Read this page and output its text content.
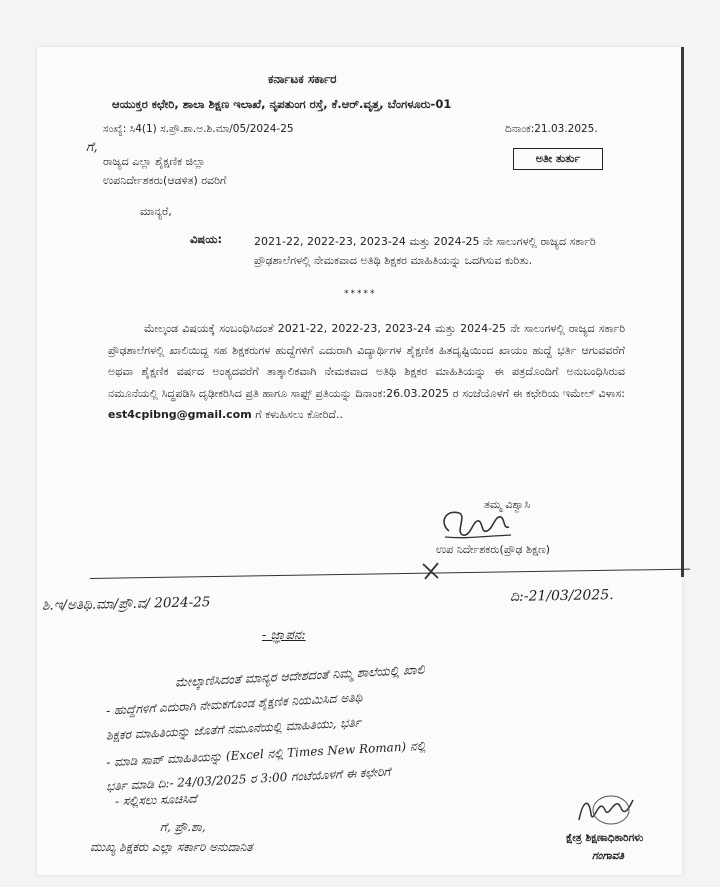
ಕರ್ನಾಟಕ ಸರ್ಕಾರ
ಆಯುಕ್ತರ ಕಛೇರಿ, ಶಾಲಾ ಶಿಕ್ಷಣ ಇಲಾಖೆ, ನೃಪತುಂಗ ರಸ್ತೆ, ಕೆ.ಆರ್.ವೃತ್ತ, ಬೆಂಗಳೂರು-01
ಸಂಖ್ಯೆ: ಸಿ4(1) ಸ.ಪ್ರೌ.ಶಾ.ಅ.ಶಿ.ಮಾ/05/2024-25	ದಿನಾಂಕ:21.03.2025.
ಅತೀ ತುರ್ತು
ಗೆ,
ರಾಜ್ಯದ ಎಲ್ಲಾ ಶೈಕ್ಷಣಿಕ ಜಿಲ್ಲಾ
ಉಪನಿರ್ದೇಶಕರು(ಆಡಳಿತ) ರವರಿಗೆ
ಮಾನ್ಯರೆ,
ವಿಷಯ:	2021-22, 2022-23, 2023-24 ಮತ್ತು 2024-25 ನೇ ಸಾಲುಗಳಲ್ಲಿ ರಾಜ್ಯದ ಸರ್ಕಾರಿ ಪ್ರೌಢಶಾಲೆಗಳಲ್ಲಿ ನೇಮಕವಾದ ಅತಿಥಿ ಶಿಕ್ಷಕರ ಮಾಹಿತಿಯನ್ನು ಒದಗಿಸುವ ಕುರಿತು.
*****

ಮೇಲ್ಕಂಡ ವಿಷಯಕ್ಕೆ ಸಂಬಂಧಿಸಿದಂತೆ 2021-22, 2022-23, 2023-24 ಮತ್ತು 2024-25 ನೇ ಸಾಲುಗಳಲ್ಲಿ ರಾಜ್ಯದ ಸರ್ಕಾರಿ ಪ್ರೌಢಶಾಲೆಗಳಲ್ಲಿ ಖಾಲಿಯಿದ್ದ ಸಹ ಶಿಕ್ಷಕರುಗಳ ಹುದ್ದೆಗಳಿಗೆ ಎದುರಾಗಿ ವಿದ್ಯಾರ್ಥಿಗಳ ಶೈಕ್ಷಣಿಕ ಹಿತದೃಷ್ಟಿಯಿಂದ ಖಾಯಂ ಹುದ್ದೆ ಭರ್ತಿ ಆಗುವವರೆಗೆ ಅಥವಾ ಶೈಕ್ಷಣಿಕ ವರ್ಷದ ಅಂತ್ಯದವರೆಗೆ ತಾತ್ಕಾಲಿಕವಾಗಿ ನೇಮಕವಾದ ಅತಿಥಿ ಶಿಕ್ಷಕರ ಮಾಹಿತಿಯನ್ನು ಈ ಪತ್ರದೊಂದಿಗೆ ಅನುಬಂಧಿಸಿರುವ ನಮೂನೆಯಲ್ಲಿ ಸಿದ್ಧಪಡಿಸಿ ದೃಢೀಕರಿಸಿದ ಪ್ರತಿ ಹಾಗೂ ಸಾಫ್ಟ್ ಪ್ರತಿಯನ್ನು ದಿನಾಂಕ:26.03.2025 ರ ಸಂಜೆಯೊಳಗೆ ಈ ಕಛೇರಿಯ ಇಮೇಲ್ ವಿಳಾಸ: est4cpibng@gmail.com ಗೆ ಕಳುಹಿಸಲು ಕೋರಿದೆ..

ತಮ್ಮ ವಿಶ್ವಾಸಿ
ಉಪ ನಿರ್ದೇಶಕರು(ಪ್ರೌಢ ಶಿಕ್ಷಣ)
ಶಿ.ಇ/ಅತಿಥಿ.ಮಾ/ಪ್ರೌ.ವ/ 2024-25	ದಿ:-21/03/2025.
- ಜ್ಞಾಪನ:
ಮೇಲ್ಕಾಣಿಸಿದಂತೆ ಮಾನ್ಯರ ಆದೇಶದಂತೆ ನಿಮ್ಮ ಶಾಲೆಯಲ್ಲಿ ಖಾಲಿ
- ಹುದ್ದೆಗಳಿಗೆ ಎದುರಾಗಿ ನೇಮಕಗೊಂಡ ಶೈಕ್ಷಣಿಕ ನಿಯಮಿಸಿದ ಅತಿಥಿ
ಶಿಕ್ಷಕರ ಮಾಹಿತಿಯನ್ನು ಜೊತೆಗೆ ನಮೂನೆಯಲ್ಲಿ ಮಾಹಿತಿಯು, ಭರ್ತಿ
- ಮಾಡಿ ಸಾಪ್ ಮಾಹಿತಿಯನ್ನು (Excel ನಲ್ಲಿ Times New Roman) ನಲ್ಲಿ
ಭರ್ತಿ ಮಾಡಿ ದಿ:- 24/03/2025 ರ 3:00 ಗಂಟೆಯೊಳಗೆ ಈ ಕಛೇರಿಗೆ
- ಸಲ್ಲಿಸಲು ಸೂಚಿಸಿದೆ
ಗೆ, ಪ್ರೌ.ಶಾ,
ಮುಖ್ಯ ಶಿಕ್ಷಕರು ಎಲ್ಲಾ ಸರ್ಕಾರಿ ಅನುದಾನಿತ
ಕ್ಷೇತ್ರ ಶಿಕ್ಷಣಾಧಿಕಾರಿಗಳು
ಗಂಗಾವತಿ
